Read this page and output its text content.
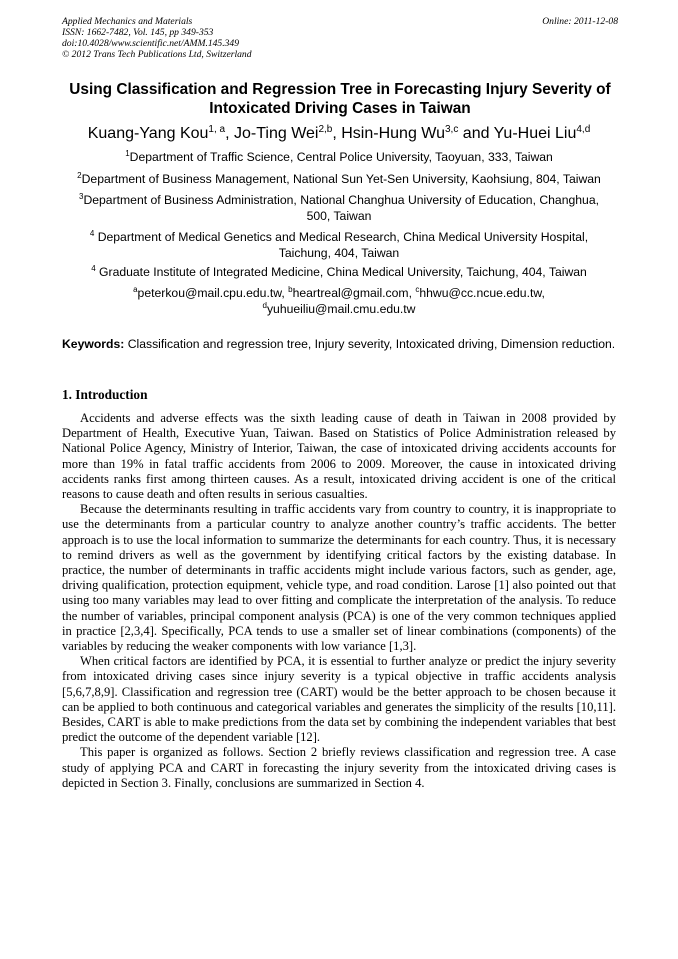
Applied Mechanics and Materials
ISSN: 1662-7482, Vol. 145, pp 349-353
doi:10.4028/www.scientific.net/AMM.145.349
© 2012 Trans Tech Publications Ltd, Switzerland
Online: 2011-12-08
Using Classification and Regression Tree in Forecasting Injury Severity of Intoxicated Driving Cases in Taiwan
Kuang-Yang Kou$^{1, a}$, Jo-Ting Wei$^{2,b}$, Hsin-Hung Wu$^{3,c}$ and Yu-Huei Liu$^{4,d}$
$^1$Department of Traffic Science, Central Police University, Taoyuan, 333, Taiwan
$^2$Department of Business Management, National Sun Yet-Sen University, Kaohsiung, 804, Taiwan
$^3$Department of Business Administration, National Changhua University of Education, Changhua, 500, Taiwan
$^4$ Department of Medical Genetics and Medical Research, China Medical University Hospital, Taichung, 404, Taiwan
$^4$ Graduate Institute of Integrated Medicine, China Medical University, Taichung, 404, Taiwan
$^a$peterkou@mail.cpu.edu.tw, $^b$heartreal@gmail.com, $^c$hhwu@cc.ncue.edu.tw,
$^d$yuhueiliu@mail.cmu.edu.tw
Keywords: Classification and regression tree, Injury severity, Intoxicated driving, Dimension reduction.
1. Introduction

Accidents and adverse effects was the sixth leading cause of death in Taiwan in 2008 provided by Department of Health, Executive Yuan, Taiwan. Based on Statistics of Police Administration released by National Police Agency, Ministry of Interior, Taiwan, the case of intoxicated driving accidents accounts for more than 19% in fatal traffic accidents from 2006 to 2009. Moreover, the cause in intoxicated driving accidents ranks first among thirteen causes. As a result, intoxicated driving accident is one of the critical reasons to cause death and often results in serious casualties.

Because the determinants resulting in traffic accidents vary from country to country, it is inappropriate to use the determinants from a particular country to analyze another country’s traffic accidents. The better approach is to use the local information to summarize the determinants for each country. Thus, it is necessary to remind drivers as well as the government by identifying critical factors by the existing database. In practice, the number of determinants in traffic accidents might include various factors, such as gender, age, driving qualification, protection equipment, vehicle type, and road condition. Larose [1] also pointed out that using too many variables may lead to over fitting and complicate the interpretation of the analysis. To reduce the number of variables, principal component analysis (PCA) is one of the very common techniques applied in practice [2,3,4]. Specifically, PCA tends to use a smaller set of linear combinations (components) of the variables by reducing the weaker components with low variance [1,3].

When critical factors are identified by PCA, it is essential to further analyze or predict the injury severity from intoxicated driving cases since injury severity is a typical objective in traffic accidents analysis [5,6,7,8,9]. Classification and regression tree (CART) would be the better approach to be chosen because it can be applied to both continuous and categorical variables and generates the simplicity of the results [10,11]. Besides, CART is able to make predictions from the data set by combining the independent variables that best predict the outcome of the dependent variable [12].

This paper is organized as follows. Section 2 briefly reviews classification and regression tree. A case study of applying PCA and CART in forecasting the injury severity from the intoxicated driving cases is depicted in Section 3. Finally, conclusions are summarized in Section 4.
